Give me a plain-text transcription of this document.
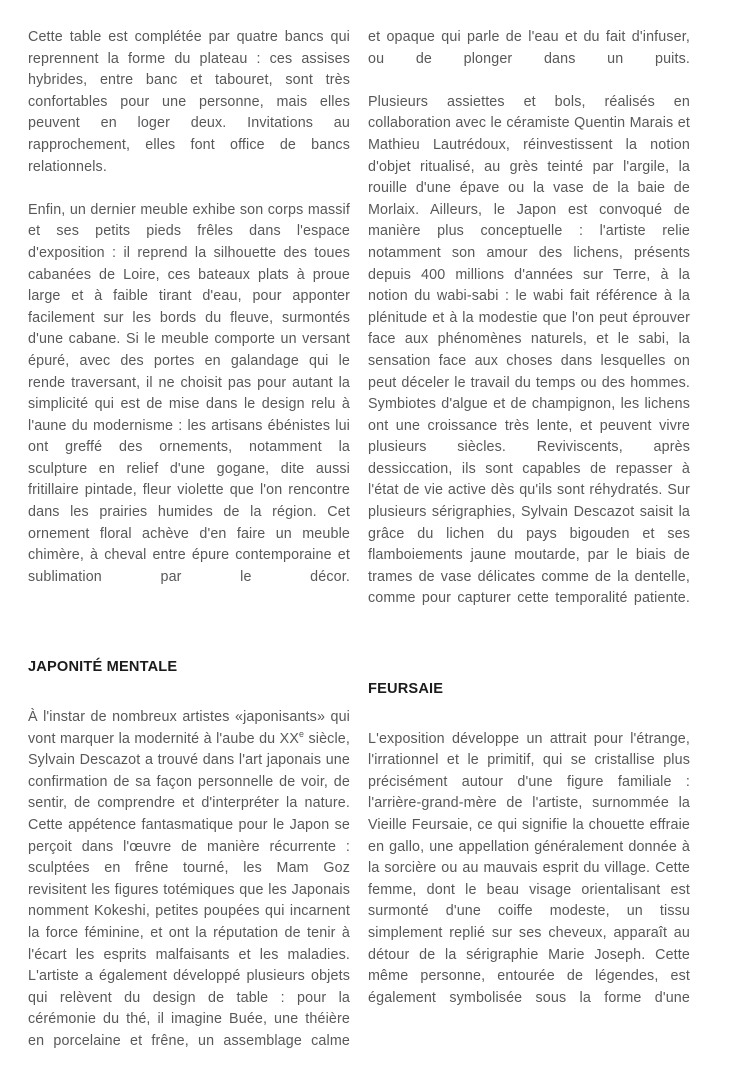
Cette table est complétée par quatre bancs qui reprennent la forme du plateau : ces assises hybrides, entre banc et tabouret, sont très confortables pour une personne, mais elles peuvent en loger deux. Invitations au rapprochement, elles font office de bancs relationnels.

Enfin, un dernier meuble exhibe son corps massif et ses petits pieds frêles dans l'espace d'exposition : il reprend la silhouette des toues cabanées de Loire, ces bateaux plats à proue large et à faible tirant d'eau, pour apponter facilement sur les bords du fleuve, surmontés d'une cabane. Si le meuble comporte un versant épuré, avec des portes en galandage qui le rende traversant, il ne choisit pas pour autant la simplicité qui est de mise dans le design relu à l'aune du modernisme : les artisans ébénistes lui ont greffé des ornements, notamment la sculpture en relief d'une gogane, dite aussi fritillaire pintade, fleur violette que l'on rencontre dans les prairies humides de la région. Cet ornement floral achève d'en faire un meuble chimère, à cheval entre épure contemporaine et sublimation par le décor.

JAPONITÉ MENTALE

À l'instar de nombreux artistes «japonisants» qui vont marquer la modernité à l'aube du XXe siècle, Sylvain Descazot a trouvé dans l'art japonais une confirmation de sa façon personnelle de voir, de sentir, de comprendre et d'interpréter la nature. Cette appétence fantasmatique pour le Japon se perçoit dans l'œuvre de manière récurrente : sculptées en frêne tourné, les Mam Goz revisitent les figures totémiques que les Japonais nomment Kokeshi, petites poupées qui incarnent la force féminine, et ont la réputation de tenir à l'écart les esprits malfaisants et les maladies. L'artiste a également développé plusieurs objets qui relèvent du design de table : pour la cérémonie du thé, il imagine Buée, une théière en porcelaine et frêne, un assemblage calme

et opaque qui parle de l'eau et du fait d'infuser, ou de plonger dans un puits.

Plusieurs assiettes et bols, réalisés en collaboration avec le céramiste Quentin Marais et Mathieu Lautrédoux, réinvestissent la notion d'objet ritualisé, au grès teinté par l'argile, la rouille d'une épave ou la vase de la baie de Morlaix. Ailleurs, le Japon est convoqué de manière plus conceptuelle : l'artiste relie notamment son amour des lichens, présents depuis 400 millions d'années sur Terre, à la notion du wabi-sabi : le wabi fait référence à la plénitude et à la modestie que l'on peut éprouver face aux phénomènes naturels, et le sabi, la sensation face aux choses dans lesquelles on peut déceler le travail du temps ou des hommes. Symbiotes d'algue et de champignon, les lichens ont une croissance très lente, et peuvent vivre plusieurs siècles. Reviviscents, après dessiccation, ils sont capables de repasser à l'état de vie active dès qu'ils sont réhydratés. Sur plusieurs sérigraphies, Sylvain Descazot saisit la grâce du lichen du pays bigouden et ses flamboiements jaune moutarde, par le biais de trames de vase délicates comme de la dentelle, comme pour capturer cette temporalité patiente.

FEURSAIE

L'exposition développe un attrait pour l'étrange, l'irrationnel et le primitif, qui se cristallise plus précisément autour d'une figure familiale : l'arrière-grand-mère de l'artiste, surnommée la Vieille Feursaie, ce qui signifie la chouette effraie en gallo, une appellation généralement donnée à la sorcière ou au mauvais esprit du village. Cette femme, dont le beau visage orientalisant est surmonté d'une coiffe modeste, un tissu simplement replié sur ses cheveux, apparaît au détour de la sérigraphie Marie Joseph. Cette même personne, entourée de légendes, est également symbolisée sous la forme d'une
